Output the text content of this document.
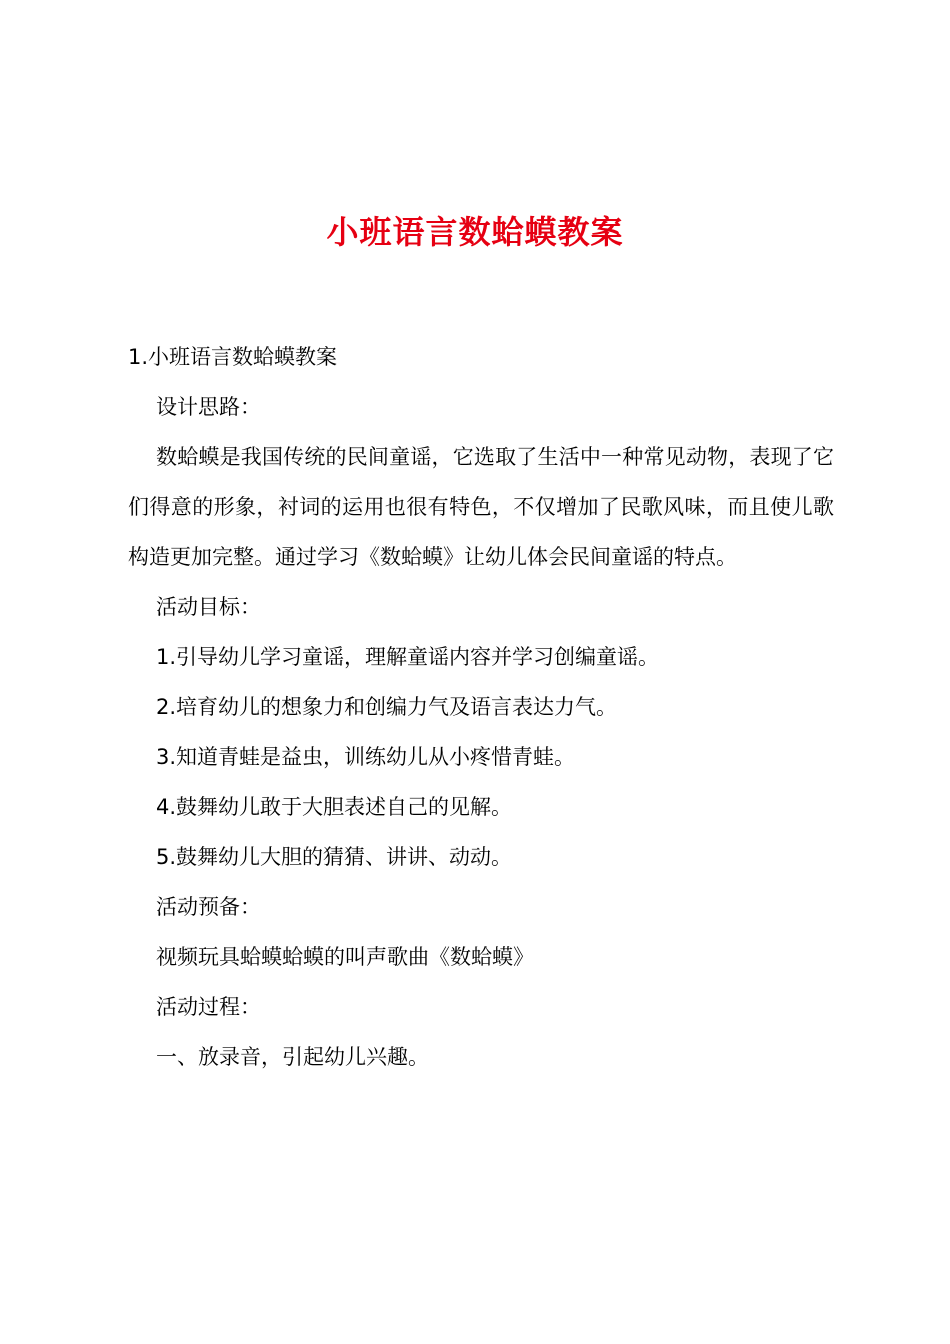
小班语言数蛤蟆教案

1.小班语言数蛤蟆教案

设计思路：

数蛤蟆是我国传统的民间童谣，它选取了生活中一种常见动物，表现了它们得意的形象，衬词的运用也很有特色，不仅增加了民歌风味，而且使儿歌构造更加完整。通过学习《数蛤蟆》让幼儿体会民间童谣的特点。

活动目标：

1.引导幼儿学习童谣，理解童谣内容并学习创编童谣。

2.培育幼儿的想象力和创编力气及语言表达力气。

3.知道青蛙是益虫，训练幼儿从小疼惜青蛙。

4.鼓舞幼儿敢于大胆表述自己的见解。

5.鼓舞幼儿大胆的猜猜、讲讲、动动。

活动预备：

视频玩具蛤蟆蛤蟆的叫声歌曲《数蛤蟆》

活动过程：

一、放录音，引起幼儿兴趣。
